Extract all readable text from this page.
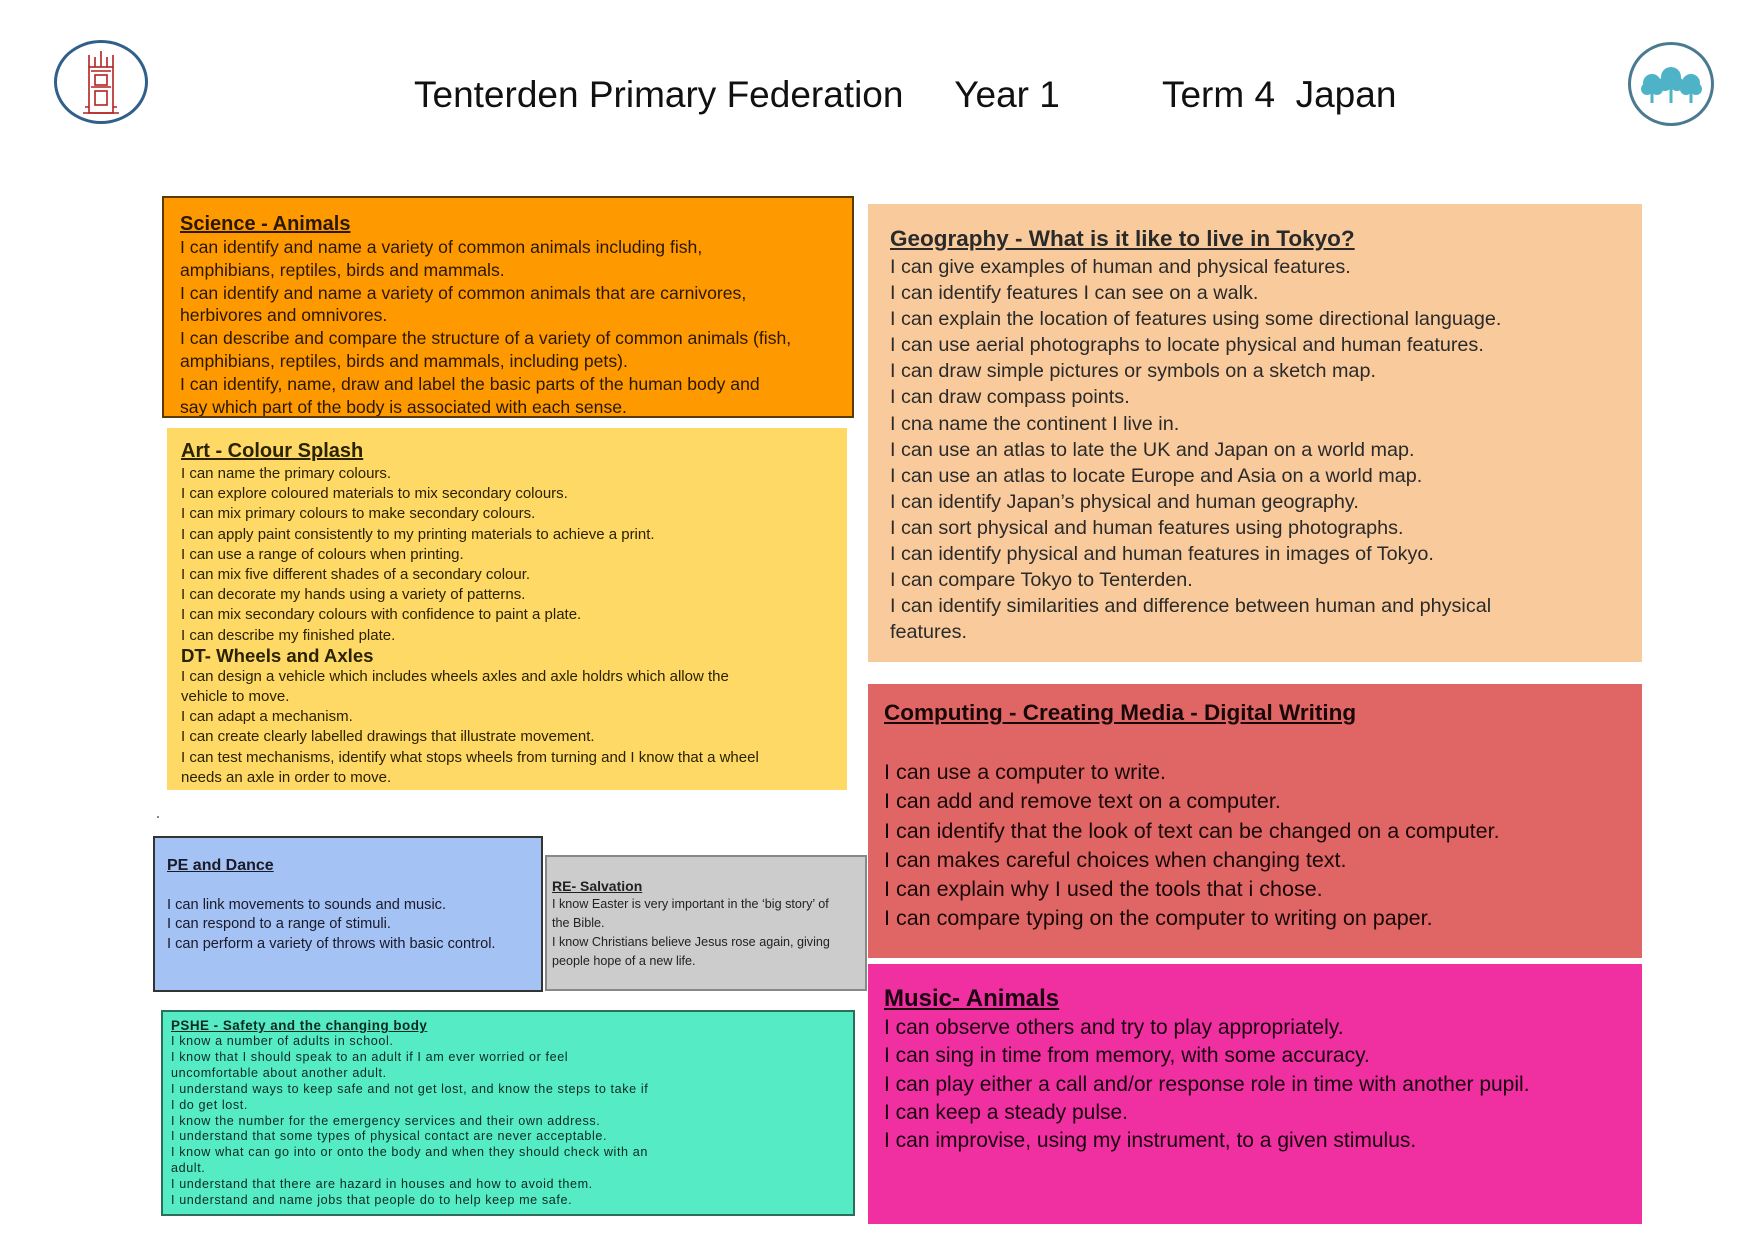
Tenterden Primary Federation Year 1	Term 4  Japan
Science - Animals
I can identify and name a variety of common animals including fish,
amphibians, reptiles, birds and mammals.
I can identify and name a variety of common animals that are carnivores,
herbivores and omnivores.
I can describe and compare the structure of a variety of common animals (fish,
amphibians, reptiles, birds and mammals, including pets).
I can identify, name, draw and label the basic parts of the human body and
say which part of the body is associated with each sense.
Art - Colour Splash
I can name the primary colours.
I can explore coloured materials to mix secondary colours.
I can mix primary colours to make secondary colours.
I can apply paint consistently to my printing materials to achieve a print.
I can use a range of colours when printing.
I can mix five different shades of a secondary colour.
I can decorate my hands using a variety of patterns.
I can mix secondary colours with confidence to paint a plate.
I can describe my finished plate.
DT- Wheels and Axles
I can design a vehicle which includes wheels axles and axle holdrs which allow the
vehicle to move.
I can adapt a mechanism.
I can create clearly labelled drawings that illustrate movement.
I can test mechanisms, identify what stops wheels from turning and I know that a wheel
needs an axle in order to move.
Geography - What is it like to live in Tokyo?
I can give examples of human and physical features.
I can identify features I can see on a walk.
I can explain the location of features using some directional language.
I can use aerial photographs to locate physical and human features.
I can draw simple pictures or symbols on a sketch map.
I can draw compass points.
I cna name the continent I live in.
I can use an atlas to late the UK and Japan on a world map.
I can use an atlas to locate Europe and Asia on a world map.
I can identify Japan’s physical and human geography.
I can sort physical and human features using photographs.
I can identify physical and human features in images of Tokyo.
I can compare Tokyo to Tenterden.
I can identify similarities and difference between human and physical
features.
Computing - Creating Media - Digital Writing
I can use a computer to write.
I can add and remove text on a computer.
I can identify that the look of text can be changed on a computer.
I can makes careful choices when changing text.
I can explain why I used the tools that i chose.
I can compare typing on the computer to writing on paper.
Music- Animals
I can observe others and try to play appropriately.
I can sing in time from memory, with some accuracy.
I can play either a call and/or response role in time with another pupil.
I can keep a steady pulse.
I can improvise, using my instrument, to a given stimulus.
PE and Dance
I can link movements to sounds and music.
I can respond to a range of stimuli.
I can perform a variety of throws with basic control.
RE- Salvation
I know Easter is very important in the ‘big story’ of
the Bible.
I know Christians believe Jesus rose again, giving
people hope of a new life.
PSHE - Safety and the changing body
I know a number of adults in school.
I know that I should speak to an adult if I am ever worried or feel
uncomfortable about another adult.
I understand ways to keep safe and not get lost, and know the steps to take if
I do get lost.
I know the number for the emergency services and their own address.
I understand that some types of physical contact are never acceptable.
I know what can go into or onto the body and when they should check with an
adult.
I understand that there are hazard in houses and how to avoid them.
I understand and name jobs that people do to help keep me safe.
